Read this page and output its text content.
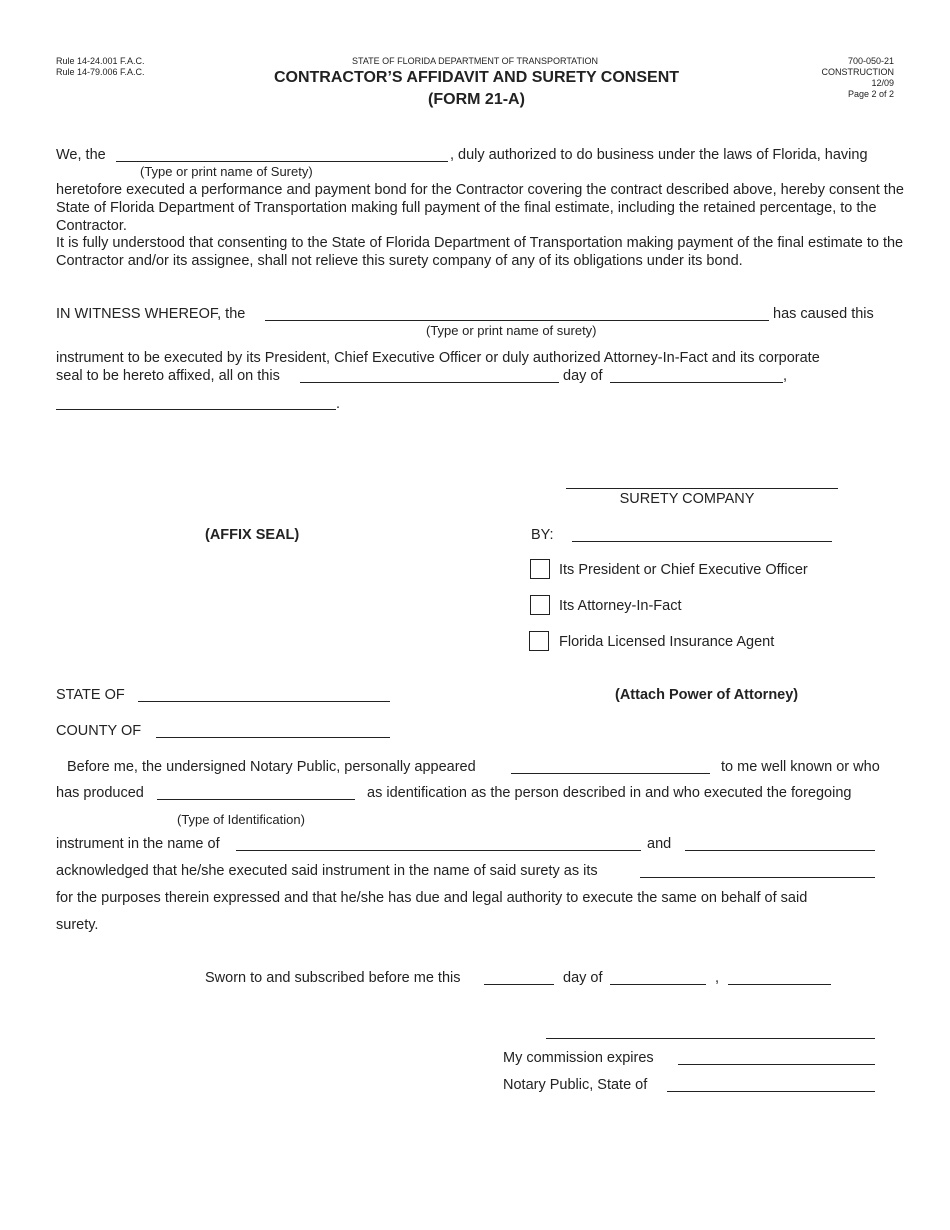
Rule 14-24.001 F.A.C.
Rule 14-79.006 F.A.C.
STATE OF FLORIDA DEPARTMENT OF TRANSPORTATION
CONTRACTOR’S AFFIDAVIT AND SURETY CONSENT
(FORM 21-A)
700-050-21
CONSTRUCTION
12/09
Page 2 of 2
We, the	, duly authorized to do business under the laws of Florida, having
(Type or print name of Surety)
heretofore executed a performance and payment bond for the Contractor covering the contract described above, hereby consent the State of Florida Department of Transportation making full payment of the final estimate, including the retained percentage, to the Contractor.
It is fully understood that consenting to the State of Florida Department of Transportation making payment of the final estimate to the Contractor and/or its assignee, shall not relieve this surety company of any of its obligations under its bond.
IN WITNESS WHEREOF, the	has caused this
(Type or print name of surety)
instrument to be executed by its President, Chief Executive Officer or duly authorized Attorney-In-Fact and its corporate
seal to be hereto affixed, all on this	day of	,
.
SURETY COMPANY
(AFFIX SEAL)	BY:
Its President or Chief Executive Officer
Its Attorney-In-Fact
Florida Licensed Insurance Agent
STATE OF	(Attach Power of Attorney)
COUNTY OF
Before me, the undersigned Notary Public, personally appeared	to me well known or who
has produced	as identification as the person described in and who executed the foregoing
(Type of Identification)
instrument in the name of	and
acknowledged that he/she executed said instrument in the name of said surety as its
for the purposes therein expressed and that he/she has due and legal authority to execute the same on behalf of said
surety.
Sworn to and subscribed before me this	day of	,
My commission expires
Notary Public, State of
